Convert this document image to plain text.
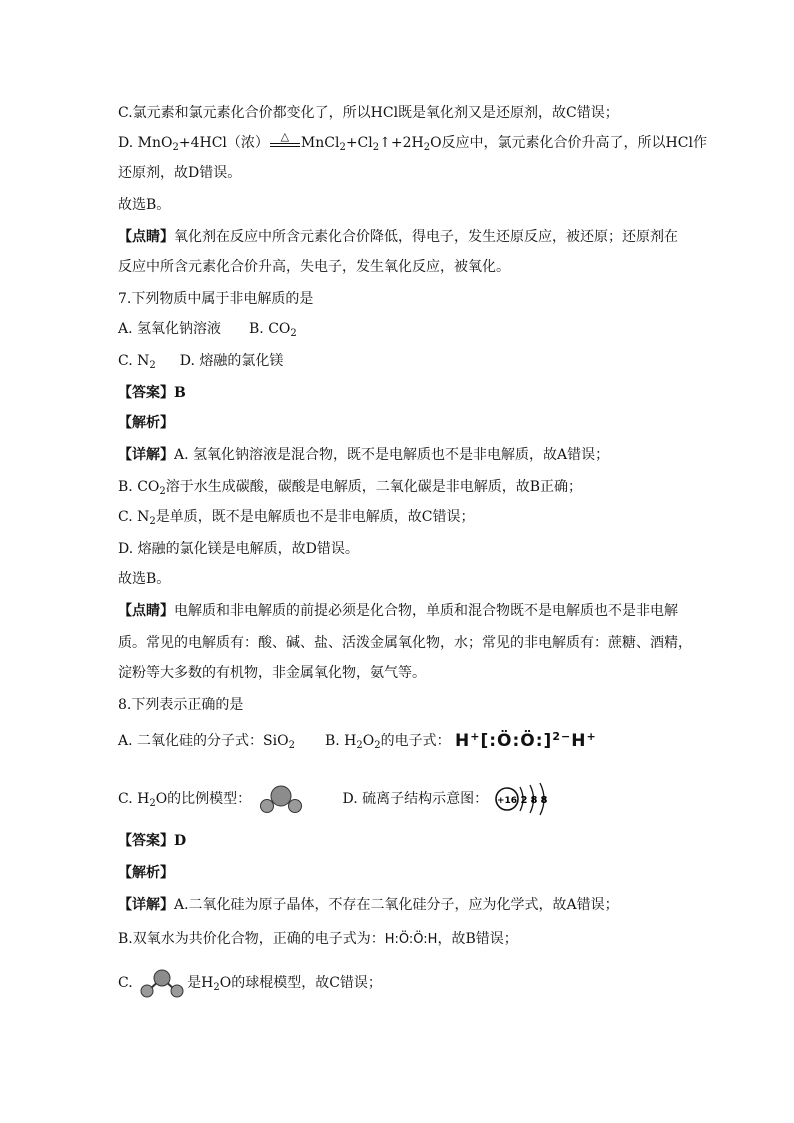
C.氯元素和氯元素化合价都变化了，所以HCl既是氧化剂又是还原剂，故C错误；
D. MnO$_2$+4HCl（浓）	△ $MnCl_2+Cl_2↑+2H_2O$反应中，氯元素化合价升高了，所以HCl作
还原剂，故D错误。
故选B。
【点睛】氧化剂在反应中所含元素化合价降低，得电子，发生还原反应，被还原；还原剂在
反应中所含元素化合价升高，失电子，发生氧化反应，被氧化。
7.下列物质中属于非电解质的是
A. 氢氧化钠溶液 B. $CO_2$
C. $N_2$ D. 熔融的氯化镁
【答案】B
【解析】
【详解】A. 氢氧化钠溶液是混合物，既不是电解质也不是非电解质，故A错误；
B. $CO_2$溶于水生成碳酸，碳酸是电解质，二氧化碳是非电解质，故B正确；
C. $N_2$是单质，既不是电解质也不是非电解质，故C错误；
D. 熔融的氯化镁是电解质，故D错误。
故选B。
【点睛】电解质和非电解质的前提必须是化合物，单质和混合物既不是电解质也不是非电解
质。常见的电解质有：酸、碱、盐、活泼金属氧化物，水；常见的非电解质有：蔗糖、酒精，
淀粉等大多数的有机物，非金属氧化物，氨气等。
8.下列表示正确的是
A. 二氧化硅的分子式：SiO$_2$ B. $H_2O_2$的电子式： H+[:Ö:Ö:]$^{2-}$H+
C. $H_2O$的比例模型：	D. 硫离子结构示意图： +16 2 8 8
【答案】D
【解析】
【详解】A.二氧化硅为原子晶体，不存在二氧化硅分子，应为化学式，故A错误；
B.双氧水为共价化合物，正确的电子式为：H:Ö:Ö:H，故B错误；
C.	是$H_2O$的球棍模型，故C错误；
